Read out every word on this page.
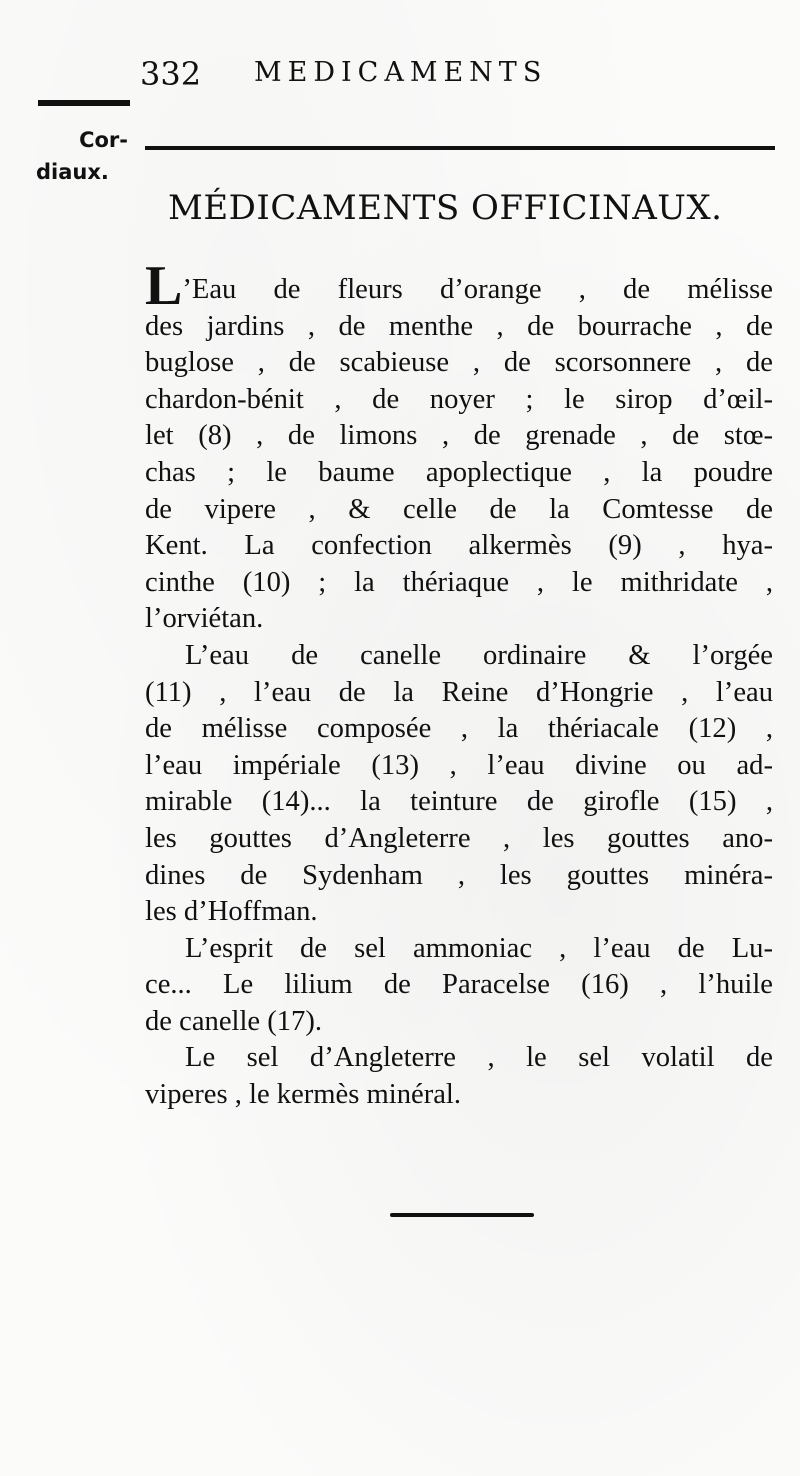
332 MEDICAMENTS
Cor-
diaux.
MÉDICAMENTS OFFICINAUX.
L’Eau de fleurs d’orange , de mélisse
des jardins , de menthe , de bourrache , de
buglose , de scabieuse , de scorsonnere , de
chardon-bénit , de noyer ; le sirop d’œil-
let (8) , de limons , de grenade , de stœ-
chas ; le baume apoplectique , la poudre
de vipere , & celle de la Comtesse de
Kent. La confection alkermès (9) , hya-
cinthe (10) ; la thériaque , le mithridate ,
l’orviétan.
L’eau de canelle ordinaire & l’orgée
(11) , l’eau de la Reine d’Hongrie , l’eau
de mélisse composée , la thériacale (12) ,
l’eau impériale (13) , l’eau divine ou ad-
mirable (14)... la teinture de girofle (15) ,
les gouttes d’Angleterre , les gouttes ano-
dines de Sydenham , les gouttes minéra-
les d’Hoffman.
L’esprit de sel ammoniac , l’eau de Lu-
ce... Le lilium de Paracelse (16) , l’huile
de canelle (17).
Le sel d’Angleterre , le sel volatil de
viperes , le kermès minéral.
